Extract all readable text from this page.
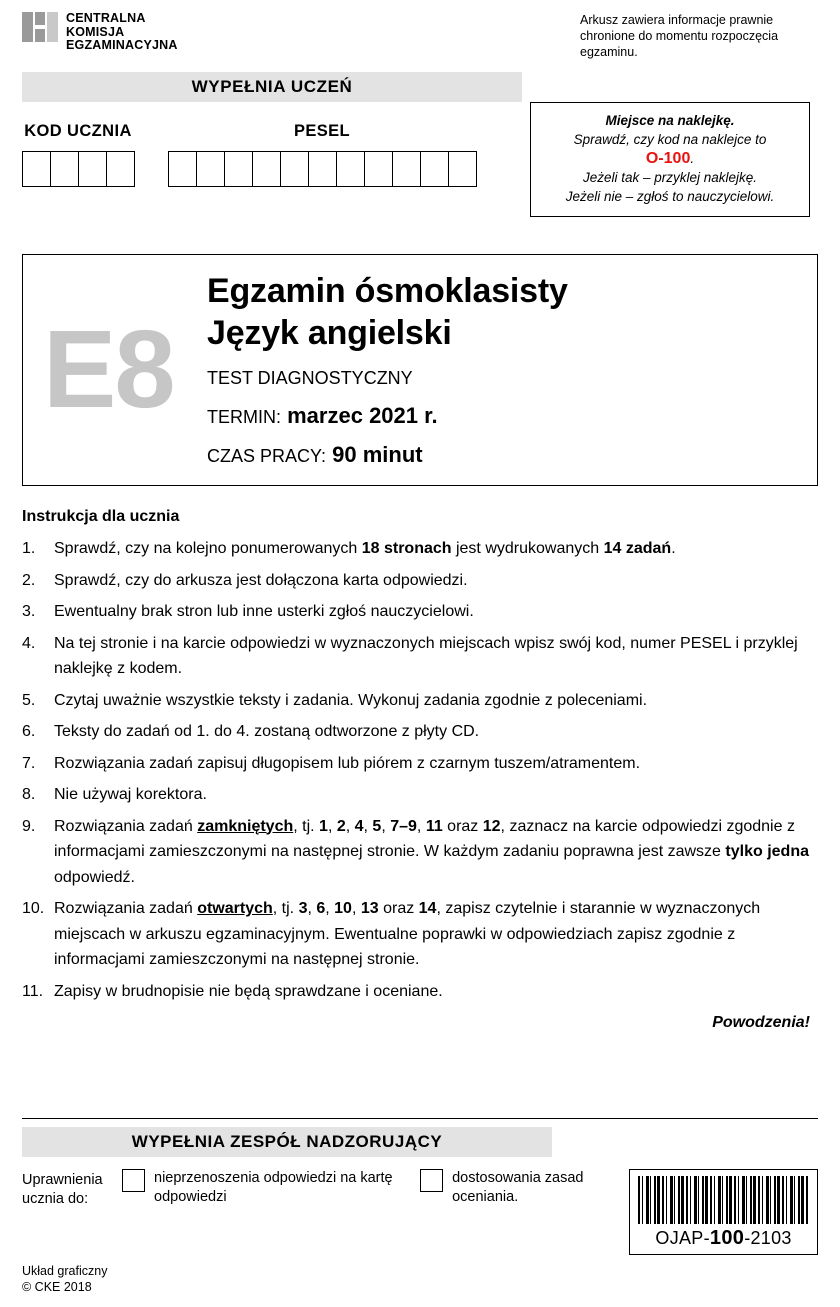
CENTRALNA
KOMISJA
EGZAMINACYJNA
Arkusz zawiera informacje prawnie chronione do momentu rozpoczęcia egzaminu.
WYPEŁNIA UCZEŃ
KOD UCZNIA	PESEL
Miejsce na naklejkę.
Sprawdź, czy kod na naklejce to
O-100.
Jeżeli tak – przyklej naklejkę.
Jeżeli nie – zgłoś to nauczycielowi.
E8
Egzamin ósmoklasisty
Język angielski
TEST DIAGNOSTYCZNY
TERMIN: marzec 2021 r.
CZAS PRACY: 90 minut
Instrukcja dla ucznia
1.	Sprawdź, czy na kolejno ponumerowanych 18 stronach jest wydrukowanych 14 zadań.
2.	Sprawdź, czy do arkusza jest dołączona karta odpowiedzi.
3.	Ewentualny brak stron lub inne usterki zgłoś nauczycielowi.
4.	Na tej stronie i na karcie odpowiedzi w wyznaczonych miejscach wpisz swój kod, numer PESEL i przyklej naklejkę z kodem.
5.	Czytaj uważnie wszystkie teksty i zadania. Wykonuj zadania zgodnie z poleceniami.
6.	Teksty do zadań od 1. do 4. zostaną odtworzone z płyty CD.
7.	Rozwiązania zadań zapisuj długopisem lub piórem z czarnym tuszem/atramentem.
8.	Nie używaj korektora.
9.	Rozwiązania zadań zamkniętych, tj. 1, 2, 4, 5, 7–9, 11 oraz 12, zaznacz na karcie odpowiedzi zgodnie z informacjami zamieszczonymi na następnej stronie. W każdym zadaniu poprawna jest zawsze tylko jedna odpowiedź.
10. Rozwiązania zadań otwartych, tj. 3, 6, 10, 13 oraz 14, zapisz czytelnie i starannie w wyznaczonych miejscach w arkuszu egzaminacyjnym. Ewentualne poprawki w odpowiedziach zapisz zgodnie z informacjami zamieszczonymi na następnej stronie.
11. Zapisy w brudnopisie nie będą sprawdzane i oceniane.
Powodzenia!
WYPEŁNIA ZESPÓŁ NADZORUJĄCY
Uprawnienia ucznia do:
nieprzenoszenia odpowiedzi na kartę odpowiedzi
dostosowania zasad oceniania.
OJAP-100-2103
Układ graficzny
© CKE 2018
